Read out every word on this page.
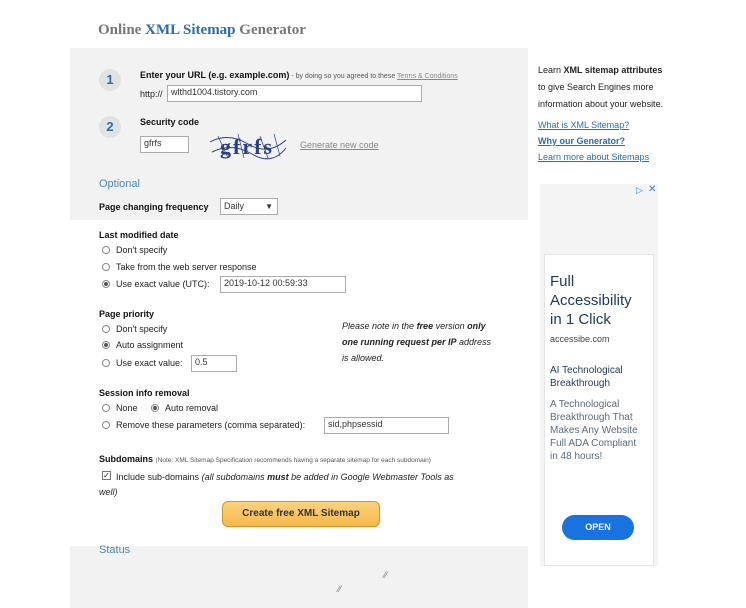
Online XML Sitemap Generator
1	Enter your URL (e.g. example.com) - by doing so you agreed to these Terms & Conditions
http:// wlthd1004.tistory.com
2	Security code
gfrfs	gfrfs	Generate new code
Optional
Page changing frequency	Daily	▼
Last modified date
Don't specify
Take from the web server response
Use exact value (UTC):	2019-10-12 00:59:33
Page priority
Don't specify
Auto assignment
Use exact value:	0.5
Please note in the free version only
one running request per IP address
is allowed.
Session info removal
None	Auto removal
Remove these parameters (comma separated):	sid,phpsessid
Subdomains (Note: XML Sitemap Specification recommends having a separate sitemap for each subdomain)
✓ Include sub-domains (all subdomains must be added in Google Webmaster Tools as
well)
Create free XML Sitemap
Status
⁄⁄
⁄⁄
Learn XML sitemap attributes
to give Search Engines more
information about your website.
What is XML Sitemap?
Why our Generator?
Learn more about Sitemaps
▷ ✕
Full
Accessibility
in 1 Click
accessibe.com
AI Technological
Breakthrough
A Technological
Breakthrough That
Makes Any Website
Full ADA Compliant
in 48 hours!
OPEN
